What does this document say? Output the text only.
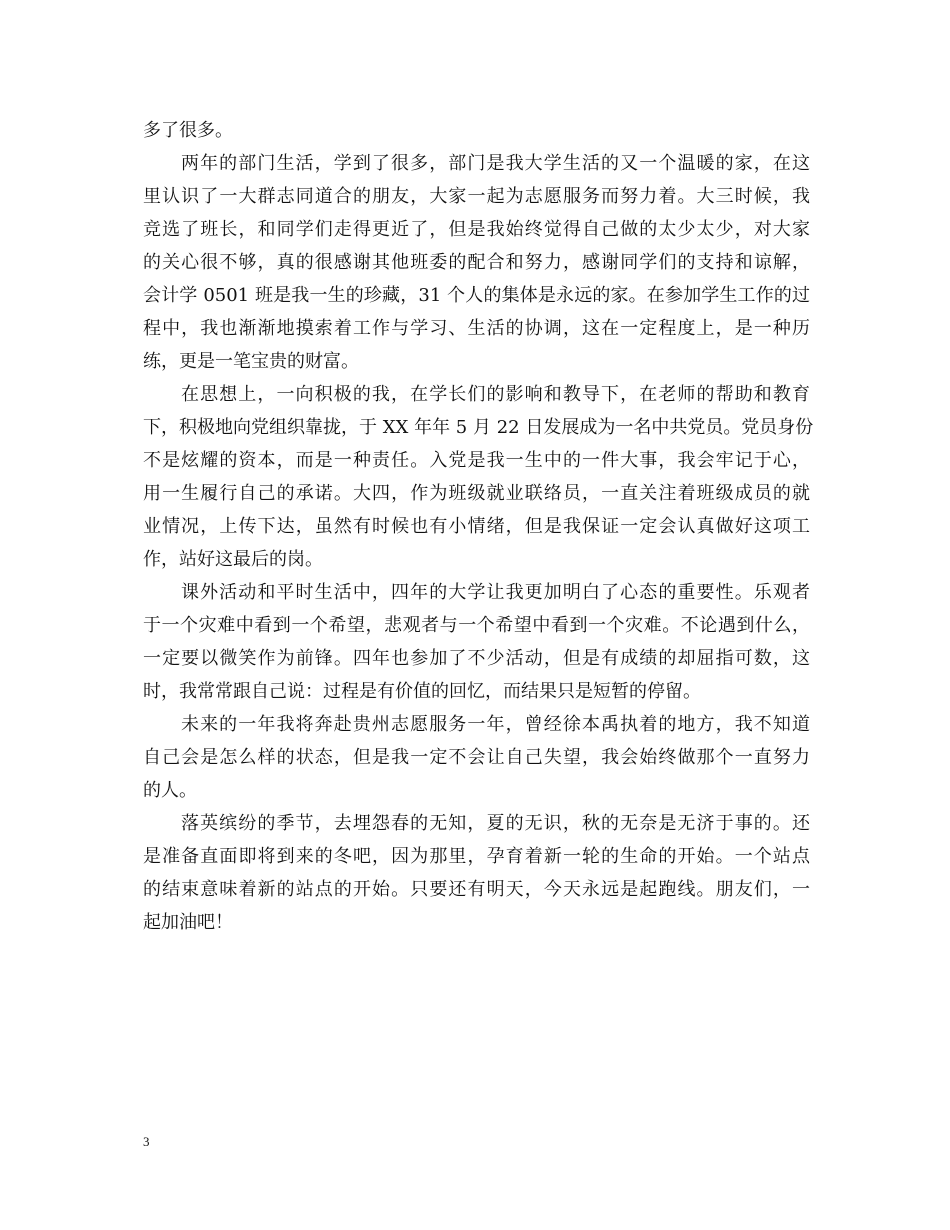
多了很多。
两年的部门生活，学到了很多，部门是我大学生活的又一个温暖的家，在这
里认识了一大群志同道合的朋友，大家一起为志愿服务而努力着。大三时候，我
竞选了班长，和同学们走得更近了，但是我始终觉得自己做的太少太少，对大家
的关心很不够，真的很感谢其他班委的配合和努力，感谢同学们的支持和谅解，
会计学 0501 班是我一生的珍藏，31 个人的集体是永远的家。在参加学生工作的过
程中，我也渐渐地摸索着工作与学习、生活的协调，这在一定程度上，是一种历
练，更是一笔宝贵的财富。
在思想上，一向积极的我，在学长们的影响和教导下，在老师的帮助和教育
下，积极地向党组织靠拢，于 XX 年年 5 月 22 日发展成为一名中共党员。党员身份
不是炫耀的资本，而是一种责任。入党是我一生中的一件大事，我会牢记于心，
用一生履行自己的承诺。大四，作为班级就业联络员，一直关注着班级成员的就
业情况，上传下达，虽然有时候也有小情绪，但是我保证一定会认真做好这项工
作，站好这最后的岗。
课外活动和平时生活中，四年的大学让我更加明白了心态的重要性。乐观者
于一个灾难中看到一个希望，悲观者与一个希望中看到一个灾难。不论遇到什么，
一定要以微笑作为前锋。四年也参加了不少活动，但是有成绩的却屈指可数，这
时，我常常跟自己说：过程是有价值的回忆，而结果只是短暂的停留。
未来的一年我将奔赴贵州志愿服务一年，曾经徐本禹执着的地方，我不知道
自己会是怎么样的状态，但是我一定不会让自己失望，我会始终做那个一直努力
的人。
落英缤纷的季节，去埋怨春的无知，夏的无识，秋的无奈是无济于事的。还
是准备直面即将到来的冬吧，因为那里，孕育着新一轮的生命的开始。一个站点
的结束意味着新的站点的开始。只要还有明天，今天永远是起跑线。朋友们，一
起加油吧！
3
